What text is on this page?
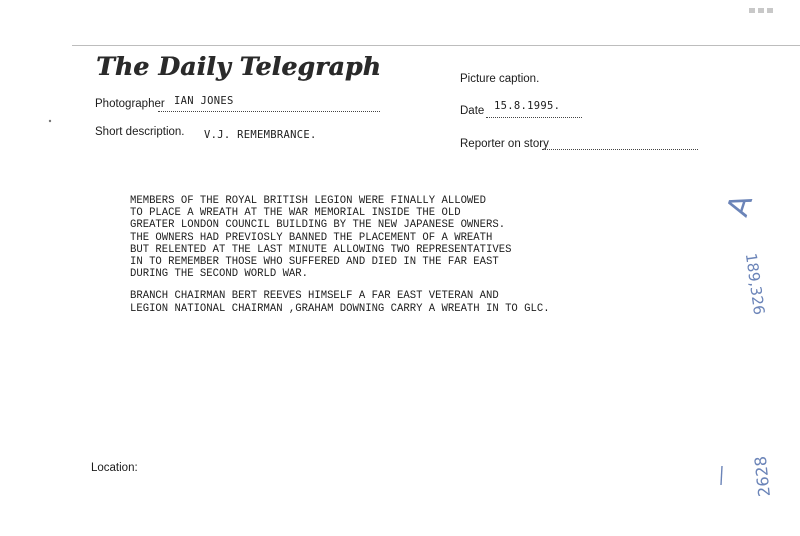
The Daily Telegraph	Picture caption.
Photographer IAN JONES
Date 15.8.1995.
Short description. V.J. REMEMBRANCE.
Reporter on story

MEMBERS OF THE ROYAL BRITISH LEGION WERE FINALLY ALLOWED
TO PLACE A WREATH AT THE WAR MEMORIAL INSIDE THE OLD
GREATER LONDON COUNCIL BUILDING BY THE NEW JAPANESE OWNERS.
THE OWNERS HAD PREVIOSLY BANNED THE PLACEMENT OF A WREATH
BUT RELENTED AT THE LAST MINUTE ALLOWING TWO REPRESENTATIVES
IN TO REMEMBER THOSE WHO SUFFERED AND DIED IN THE FAR EAST
DURING THE SECOND WORLD WAR.

BRANCH CHAIRMAN BERT REEVES HIMSELF A FAR EAST VETERAN AND
LEGION NATIONAL CHAIRMAN ,GRAHAM DOWNING CARRY A WREATH IN TO GLC.

A
189,326
2628
Location:
